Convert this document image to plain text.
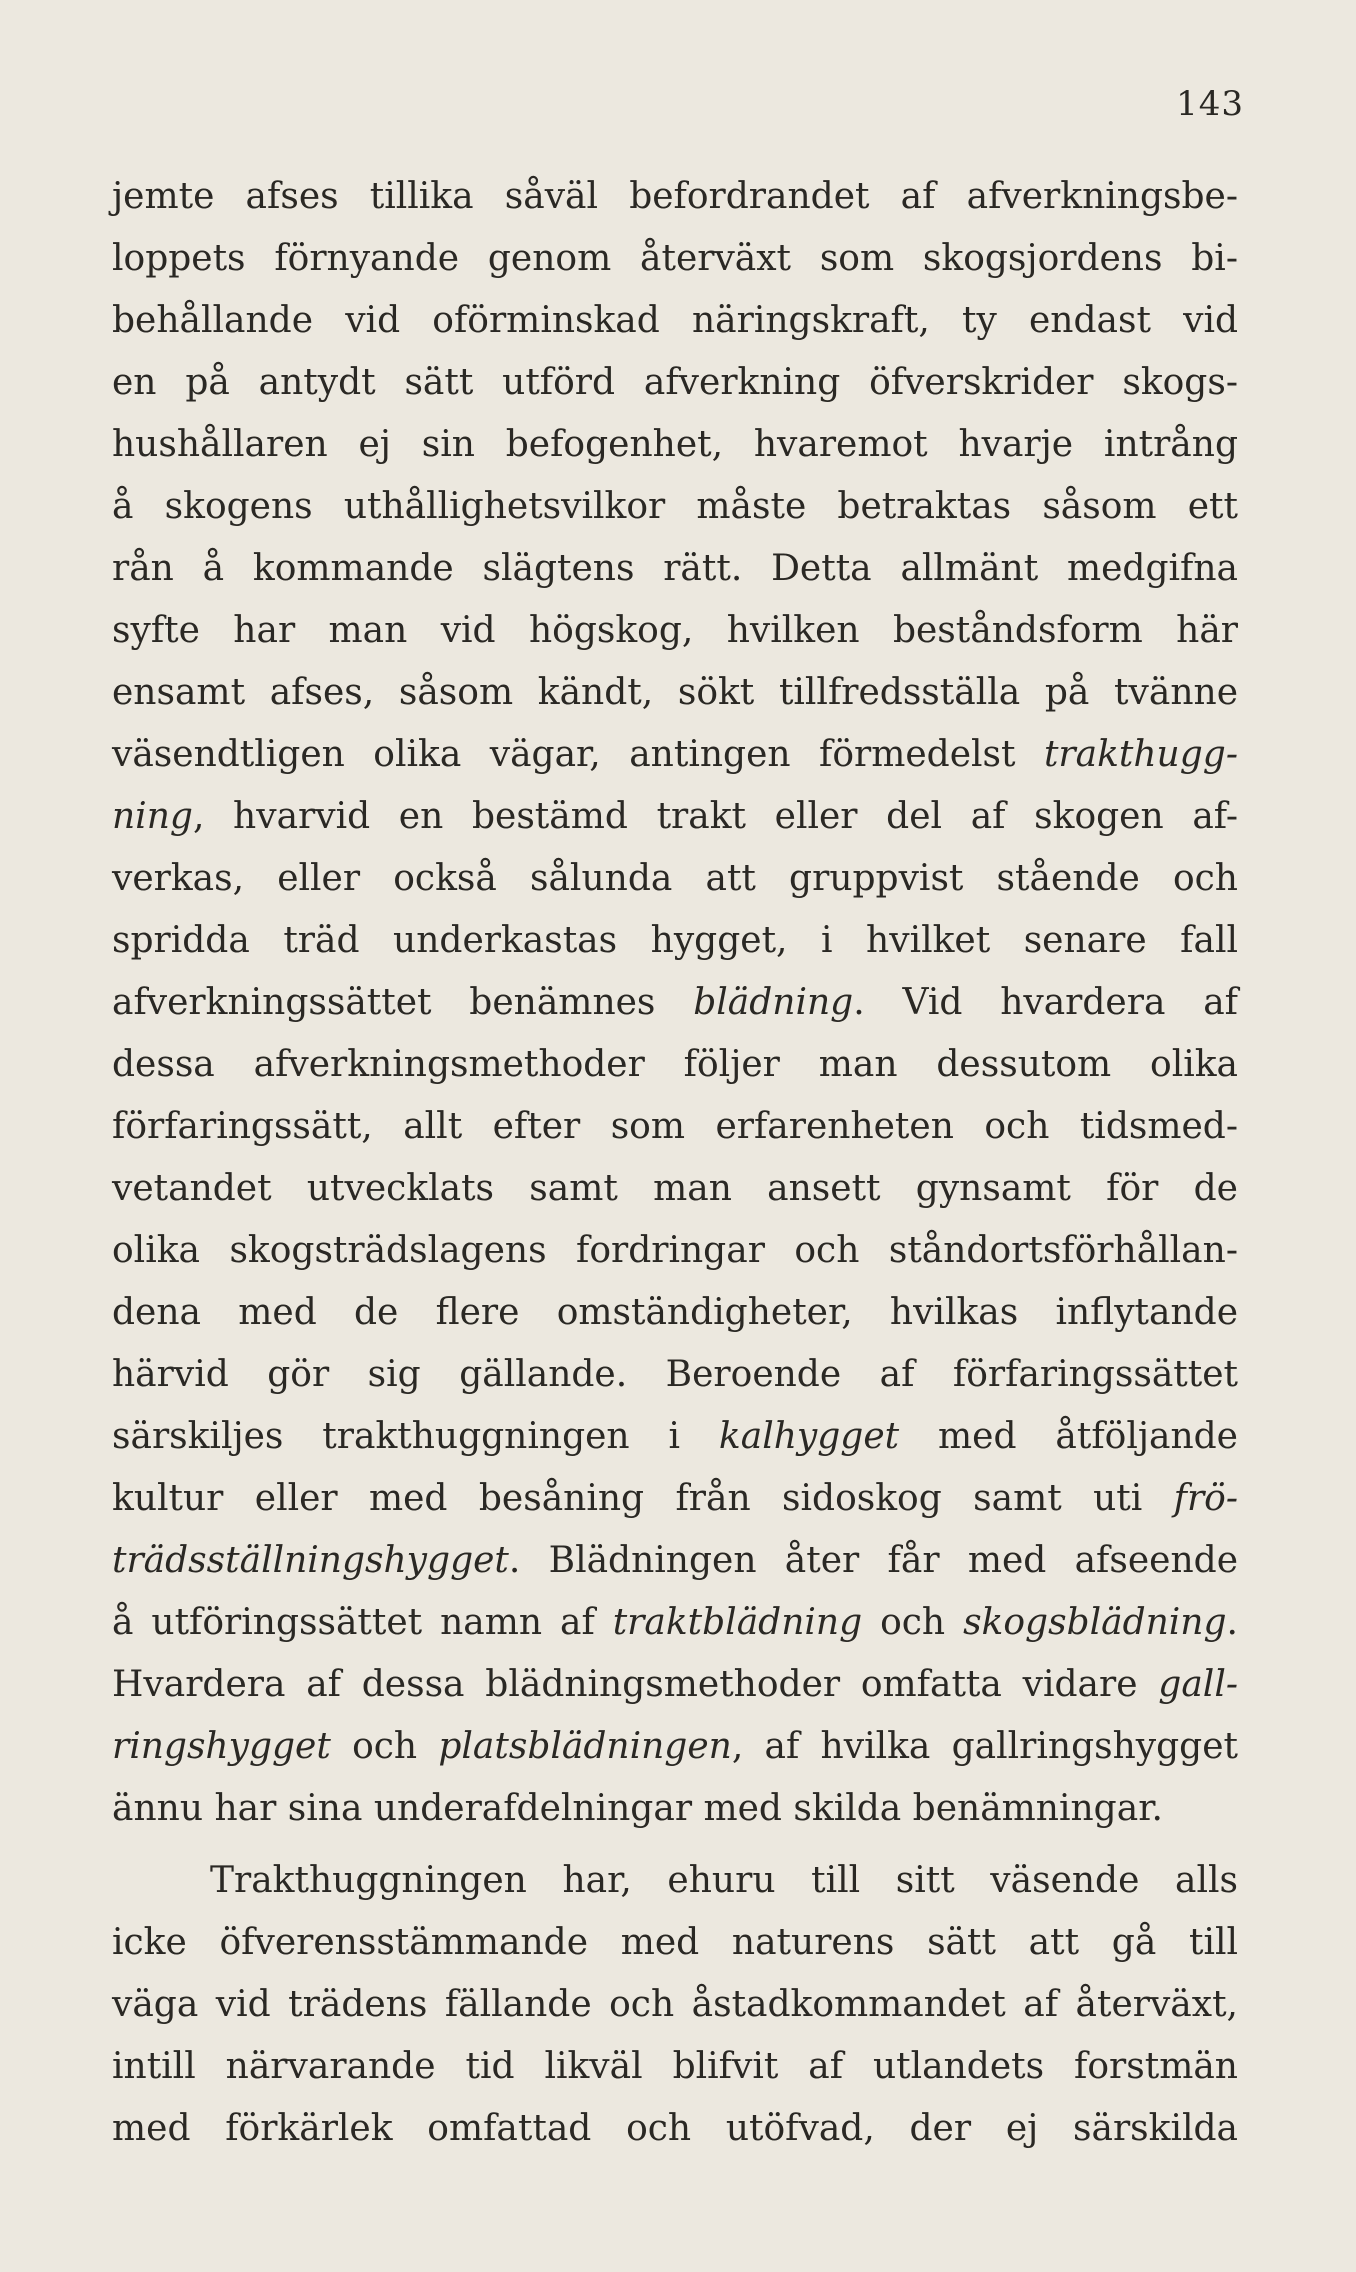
143
jemte afses tillika såväl befordrandet af afverkningsbe-
loppets förnyande genom återväxt som skogsjordens bi-
behållande vid oförminskad näringskraft, ty endast vid
en på antydt sätt utförd afverkning öfverskrider skogs-
hushållaren ej sin befogenhet, hvaremot hvarje intrång
å skogens uthållighetsvilkor måste betraktas såsom ett
rån å kommande slägtens rätt. Detta allmänt medgifna
syfte har man vid högskog, hvilken beståndsform här
ensamt afses, såsom kändt, sökt tillfredsställa på tvänne
väsendtligen olika vägar, antingen förmedelst trakthugg-
ning, hvarvid en bestämd trakt eller del af skogen af-
verkas, eller också sålunda att gruppvist stående och
spridda träd underkastas hygget, i hvilket senare fall
afverkningssättet benämnes blädning. Vid hvardera af
dessa afverkningsmethoder följer man dessutom olika
förfaringssätt, allt efter som erfarenheten och tidsmed-
vetandet utvecklats samt man ansett gynsamt för de
olika skogsträdslagens fordringar och ståndortsförhållan-
dena med de flere omständigheter, hvilkas inflytande
härvid gör sig gällande. Beroende af förfaringssättet
särskiljes trakthuggningen i kalhygget med åtföljande
kultur eller med besåning från sidoskog samt uti frö-
trädsställningshygget. Blädningen åter får med afseende
å utföringssättet namn af traktblädning och skogsblädning.
Hvardera af dessa blädningsmethoder omfatta vidare gall-
ringshygget och platsblädningen, af hvilka gallringshygget
ännu har sina underafdelningar med skilda benämningar.
Trakthuggningen har, ehuru till sitt väsende alls
icke öfverensstämmande med naturens sätt att gå till
väga vid trädens fällande och åstadkommandet af återväxt,
intill närvarande tid likväl blifvit af utlandets forstmän
med förkärlek omfattad och utöfvad, der ej särskilda
